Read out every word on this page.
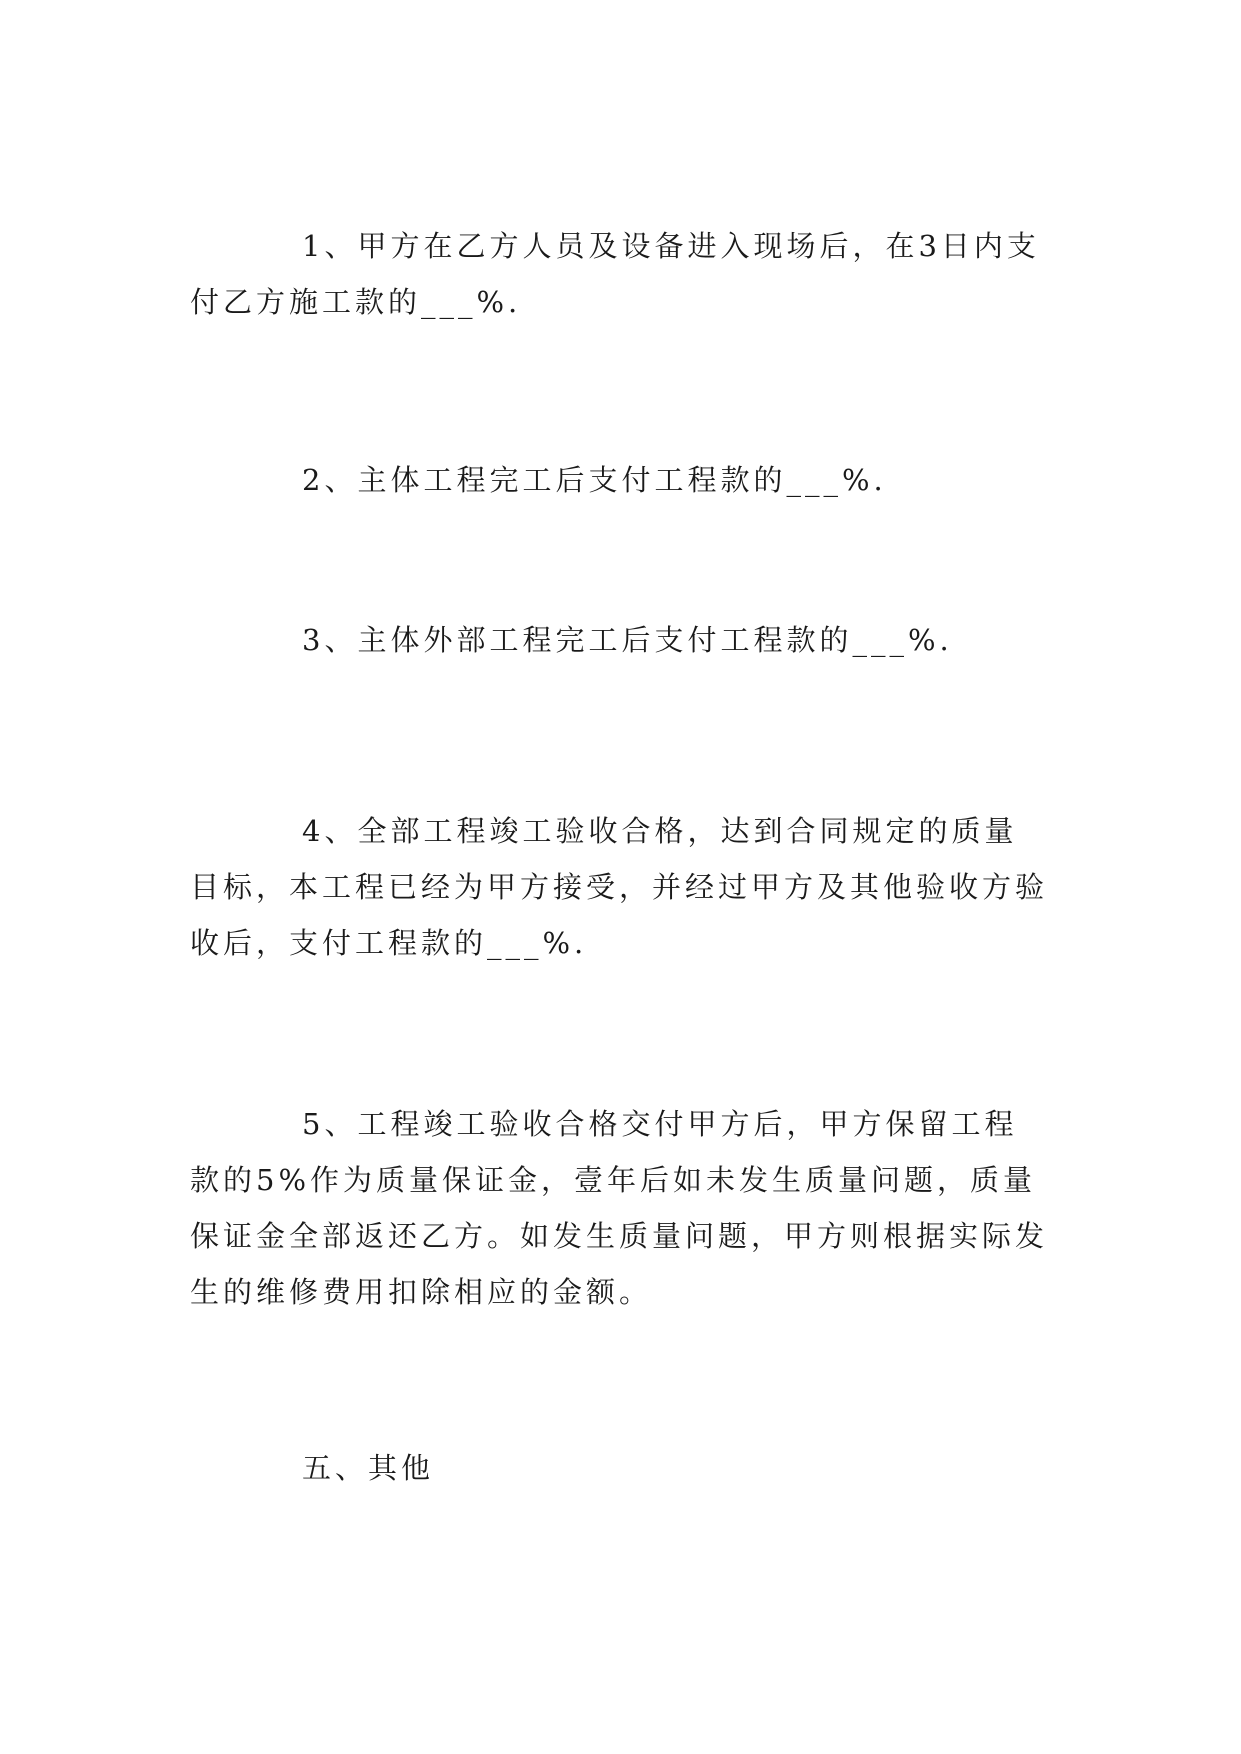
1、甲方在乙方人员及设备进入现场后，在3日内支付乙方施工款的___%.

2、主体工程完工后支付工程款的___%.

3、主体外部工程完工后支付工程款的___%.

4、全部工程竣工验收合格，达到合同规定的质量目标，本工程已经为甲方接受，并经过甲方及其他验收方验收后，支付工程款的___%.

5、工程竣工验收合格交付甲方后，甲方保留工程款的5%作为质量保证金，壹年后如未发生质量问题，质量保证金全部返还乙方。如发生质量问题，甲方则根据实际发生的维修费用扣除相应的金额。

五、其他
